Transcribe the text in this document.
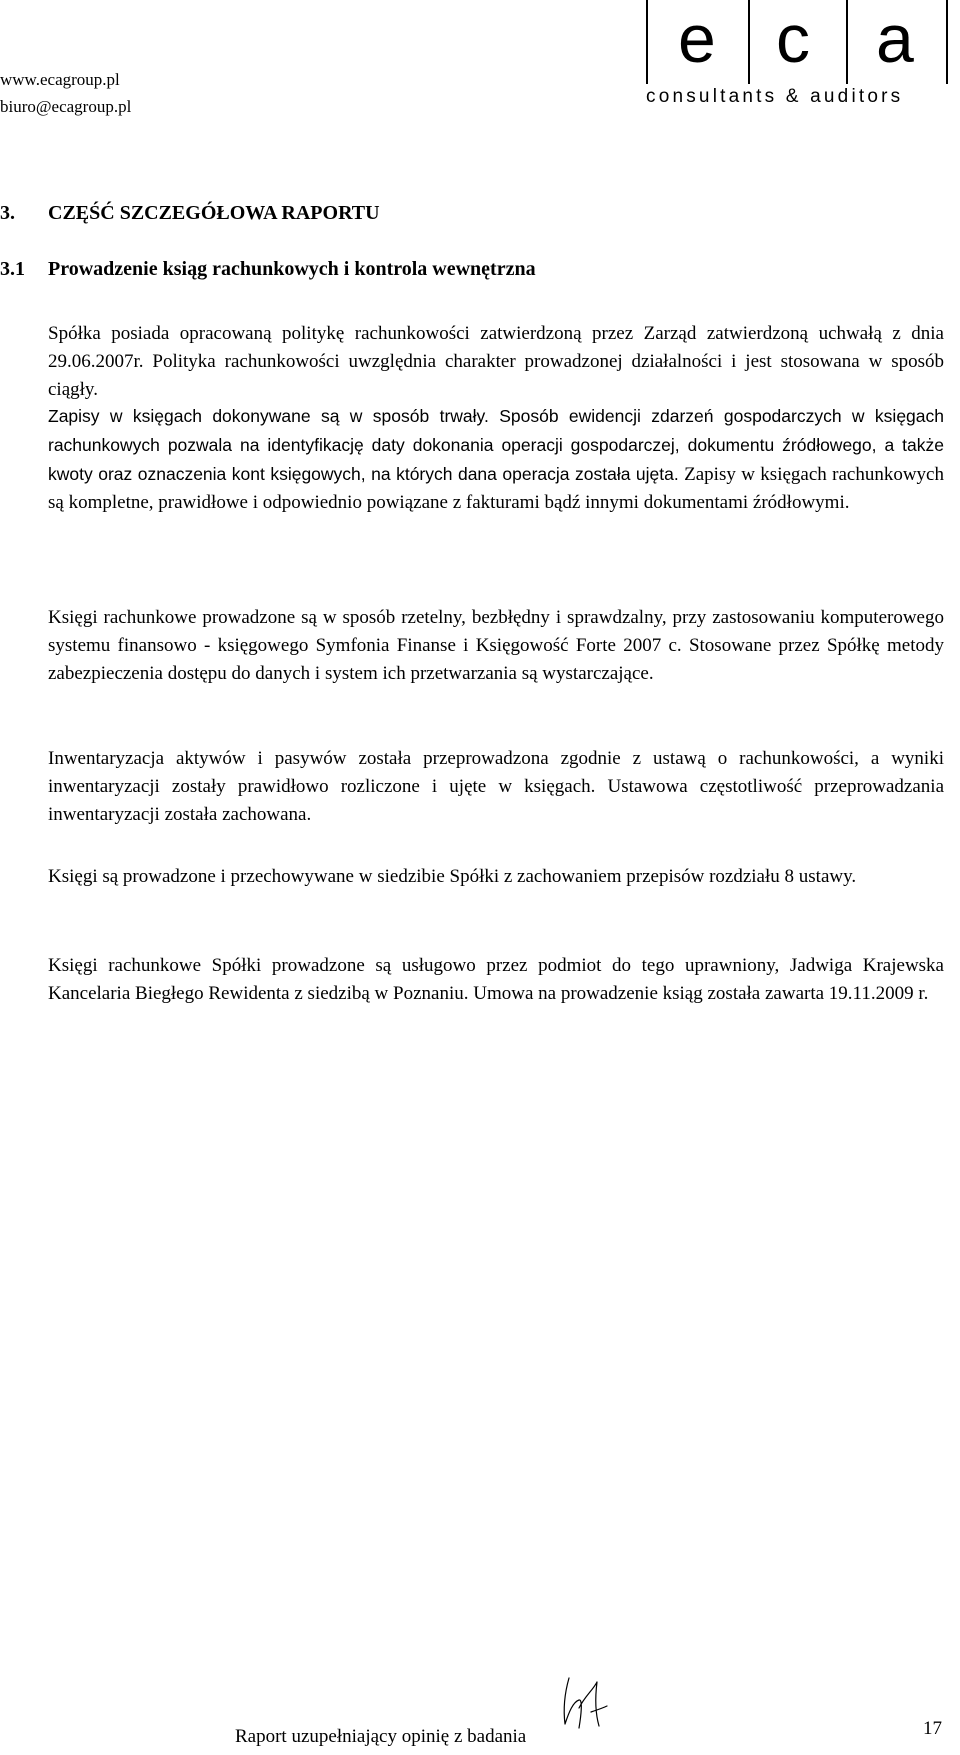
www.ecagroup.pl
biuro@ecagroup.pl
e c a
consultants & auditors
3. CZĘŚĆ SZCZEGÓŁOWA RAPORTU
3.1 Prowadzenie ksiąg rachunkowych i kontrola wewnętrzna

Spółka posiada opracowaną politykę rachunkowości zatwierdzoną przez Zarząd zatwierdzoną uchwałą z dnia 29.06.2007r. Polityka rachunkowości uwzględnia charakter prowadzonej działalności i jest stosowana w sposób ciągły.

Zapisy w księgach dokonywane są w sposób trwały. Sposób ewidencji zdarzeń gospodarczych w księgach rachunkowych pozwala na identyfikację daty dokonania operacji gospodarczej, dokumentu źródłowego, a także kwoty oraz oznaczenia kont księgowych, na których dana operacja została ujęta. Zapisy w księgach rachunkowych są kompletne, prawidłowe i odpowiednio powiązane z fakturami bądź innymi dokumentami źródłowymi.

Księgi rachunkowe prowadzone są w sposób rzetelny, bezbłędny i sprawdzalny, przy zastosowaniu komputerowego systemu finansowo - księgowego Symfonia Finanse i Księgowość Forte 2007 c. Stosowane przez Spółkę metody zabezpieczenia dostępu do danych i system ich przetwarzania są wystarczające.

Inwentaryzacja aktywów i pasywów została przeprowadzona zgodnie z ustawą o rachunkowości, a wyniki inwentaryzacji zostały prawidłowo rozliczone i ujęte w księgach. Ustawowa częstotliwość przeprowadzania inwentaryzacji została zachowana.

Księgi są prowadzone i przechowywane w siedzibie Spółki z zachowaniem przepisów rozdziału 8 ustawy.

Księgi rachunkowe Spółki prowadzone są usługowo przez podmiot do tego uprawniony, Jadwiga Krajewska Kancelaria Biegłego Rewidenta z siedzibą w Poznaniu. Umowa na prowadzenie ksiąg została zawarta 19.11.2009 r.

Raport uzupełniający opinię z badania	17
